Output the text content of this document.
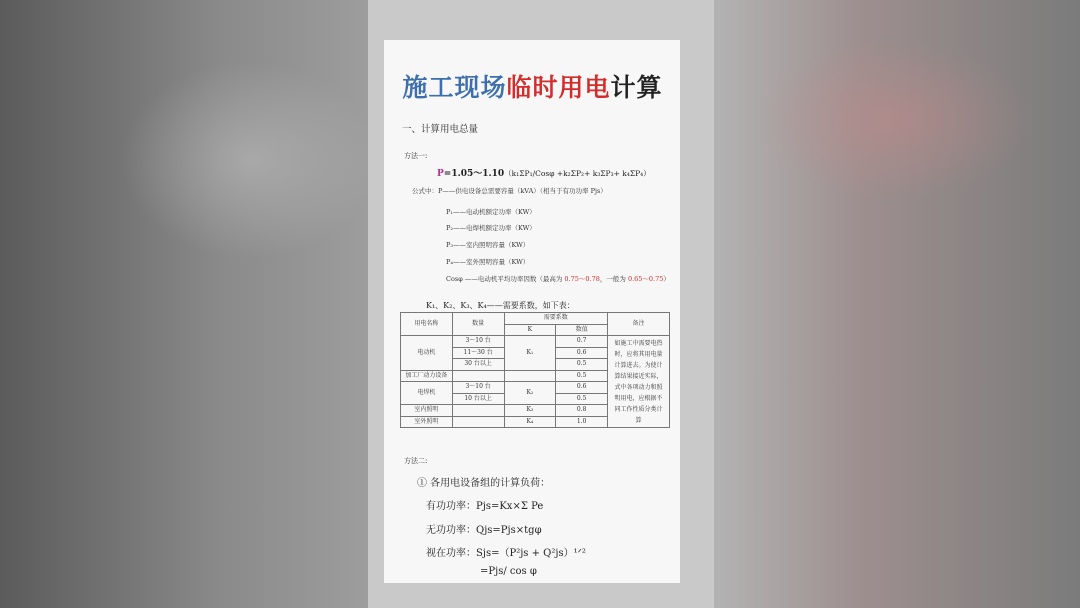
施工现场临时用电计算
一、计算用电总量
方法一:
P=1.05～1.10（k₁ΣP₁/Cosφ +k₂ΣP₂+ k₃ΣP₃+ k₄ΣP₄）
公式中：P——供电设备总需要容量（kVA）（相当于有功功率 Pjs）
P₁——电动机额定功率（KW）
P₂——电焊机额定功率（KW）
P₃——室内照明容量（KW）
P₄——室外照明容量（KW）
Cosφ ——电动机平均功率因数（最高为 0.75～0.78，一般为 0.65～0.75）
K₁、K₂、K₃、K₄——需要系数，如下表：
用电名称	数量	需要系数		备注
		K	数值	
电动机	3～10 台	K₁	0.7	如施工中需要电热时，应将其用电量计算进去。为使计算结果接近实际，式中各项动力和照明用电，应根据不同工作性质分类计算
	11～30 台		0.6	
	30 台以上		0.5	
加工厂动力设备			0.5	
电焊机	3～10 台	K₂	0.6	
	10 台以上		0.5	
室内照明		K₃	0.8	
室外照明		K₄	1.0	
方法二:
① 各用电设备组的计算负荷：
有功功率：Pjs=Kx×Σ Pe
无功功率：Qjs=Pjs×tgφ
视在功率：Sjs=（P²js + Q²js）¹ᐟ²
=Pjs/ cos φ
